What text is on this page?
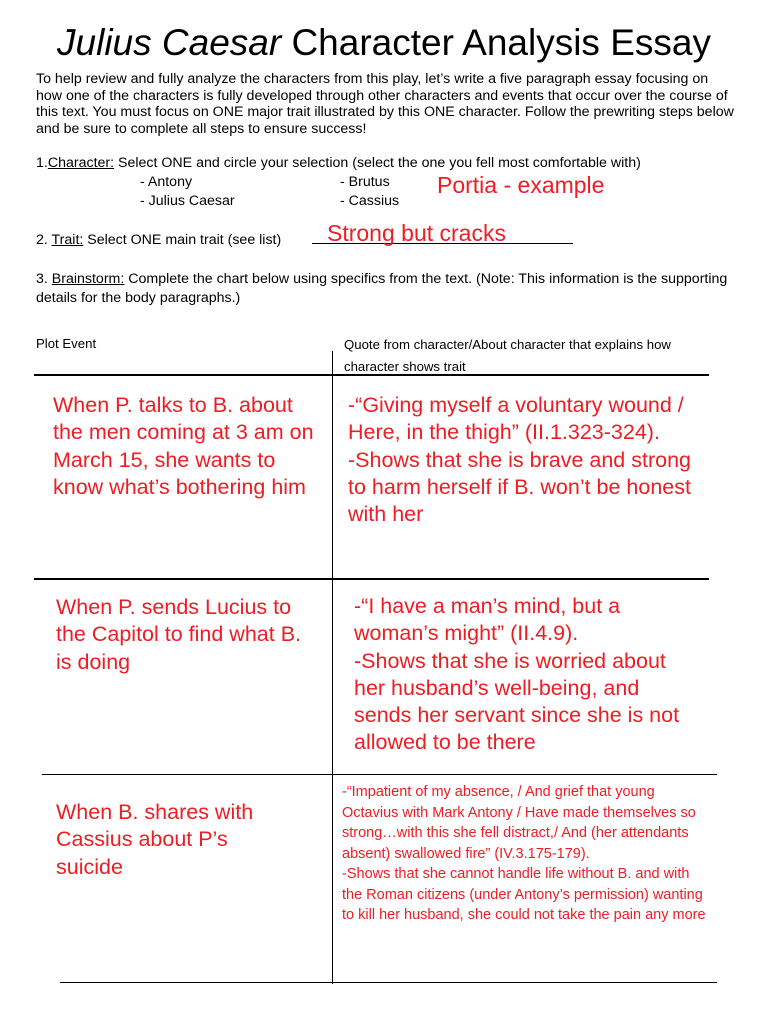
Julius Caesar Character Analysis Essay
To help review and fully analyze the characters from this play, let’s write a five paragraph essay focusing on how one of the characters is fully developed through other characters and events that occur over the course of this text. You must focus on ONE major trait illustrated by this ONE character. Follow the prewriting steps below and be sure to complete all steps to ensure success!
1.Character: Select ONE and circle your selection (select the one you fell most comfortable with)
- Antony
- Julius Caesar
- Brutus
- Cassius
Portia - example
2. Trait: Select ONE main trait (see list) Strong but cracks
3. Brainstorm: Complete the chart below using specifics from the text. (Note: This information is the supporting details for the body paragraphs.)
Plot Event	Quote from character/About character that explains how character shows trait
When P. talks to B. about the men coming at 3 am on March 15, she wants to know what’s bothering him
-“Giving myself a voluntary wound / Here, in the thigh” (II.1.323-324).
-Shows that she is brave and strong to harm herself if B. won’t be honest with her
When P. sends Lucius to the Capitol to find what B. is doing
-“I have a man’s mind, but a woman’s might” (II.4.9).
-Shows that she is worried about her husband’s well-being, and sends her servant since she is not allowed to be there
When B. shares with Cassius about P’s suicide
-“Impatient of my absence, / And grief that young Octavius with Mark Antony / Have made themselves so strong…with this she fell distract,/ And (her attendants absent) swallowed fire” (IV.3.175-179).
-Shows that she cannot handle life without B. and with the Roman citizens (under Antony’s permission) wanting to kill her husband, she could not take the pain any more
